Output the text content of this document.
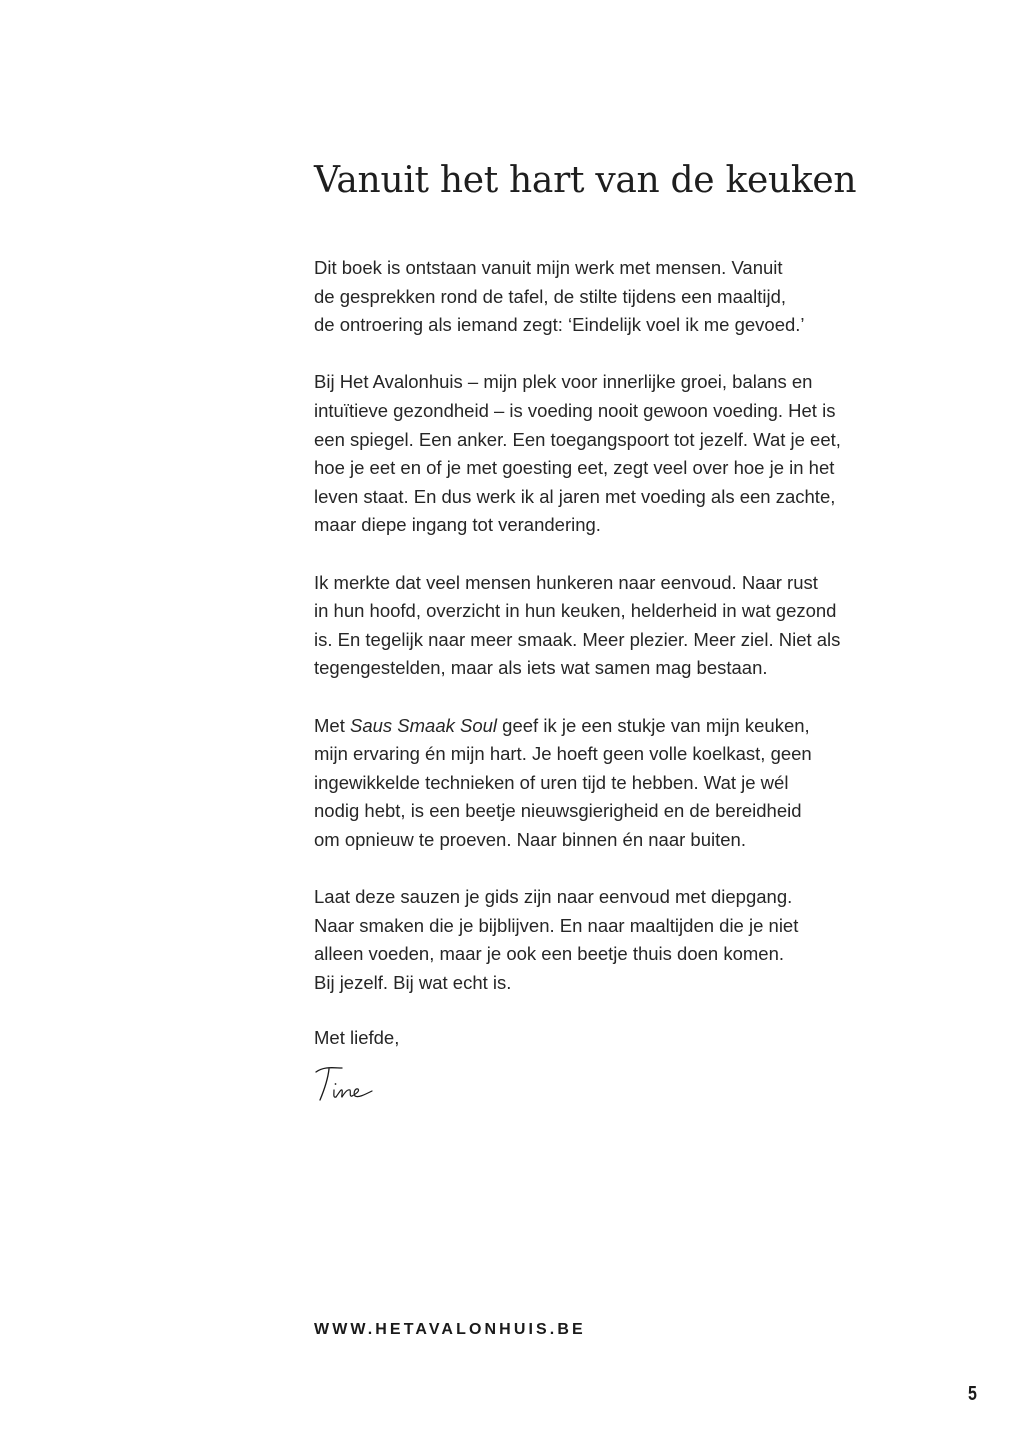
Vanuit het hart van de keuken

Dit boek is ontstaan vanuit mijn werk met mensen. Vanuit
de gesprekken rond de tafel, de stilte tijdens een maaltijd,
de ontroering als iemand zegt: ‘Eindelijk voel ik me gevoed.’

Bij Het Avalonhuis – mijn plek voor innerlijke groei, balans en
intuïtieve gezondheid – is voeding nooit gewoon voeding. Het is
een spiegel. Een anker. Een toegangspoort tot jezelf. Wat je eet,
hoe je eet en of je met goesting eet, zegt veel over hoe je in het
leven staat. En dus werk ik al jaren met voeding als een zachte,
maar diepe ingang tot verandering.

Ik merkte dat veel mensen hunkeren naar eenvoud. Naar rust
in hun hoofd, overzicht in hun keuken, helderheid in wat gezond
is. En tegelijk naar meer smaak. Meer plezier. Meer ziel. Niet als
tegengestelden, maar als iets wat samen mag bestaan.

Met Saus Smaak Soul geef ik je een stukje van mijn keuken,
mijn ervaring én mijn hart. Je hoeft geen volle koelkast, geen
ingewikkelde technieken of uren tijd te hebben. Wat je wél
nodig hebt, is een beetje nieuwsgierigheid en de bereidheid
om opnieuw te proeven. Naar binnen én naar buiten.

Laat deze sauzen je gids zijn naar eenvoud met diepgang.
Naar smaken die je bijblijven. En naar maaltijden die je niet
alleen voeden, maar je ook een beetje thuis doen komen.
Bij jezelf. Bij wat echt is.

Met liefde,

WWW.HETAVALONHUIS.BE

5
